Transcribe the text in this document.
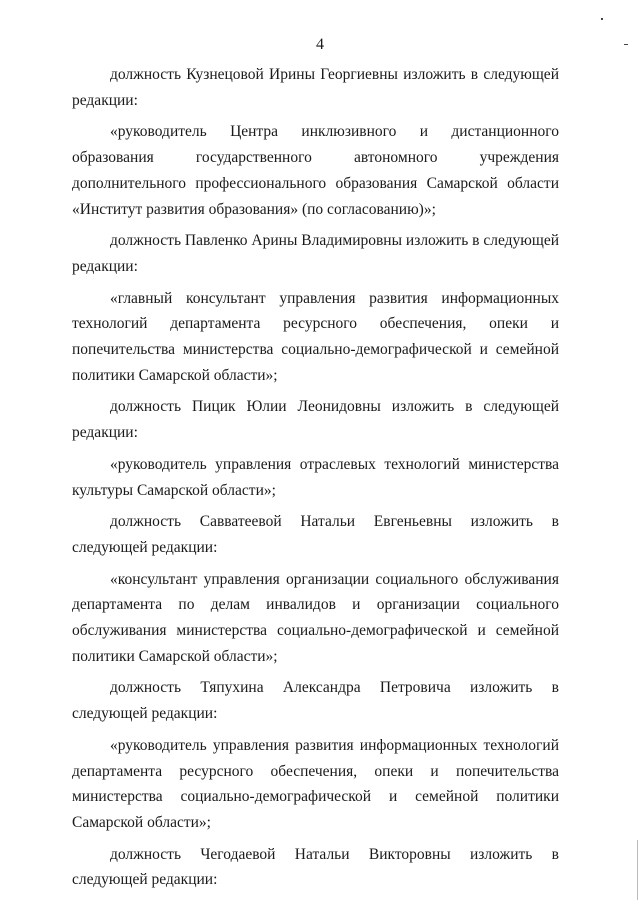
4

должность Кузнецовой Ирины Георгиевны изложить в следующей редакции:

«руководитель Центра инклюзивного и дистанционного образования государственного автономного учреждения дополнительного профессионального образования Самарской области «Институт развития образования» (по согласованию)»;

должность Павленко Арины Владимировны изложить в следующей редакции:

«главный консультант управления развития информационных технологий департамента ресурсного обеспечения, опеки и попечительства министерства социально-демографической и семейной политики Самарской области»;

должность Пицик Юлии Леонидовны изложить в следующей редакции:

«руководитель управления отраслевых технологий министерства культуры Самарской области»;

должность Савватеевой Натальи Евгеньевны изложить в следующей редакции:

«консультант управления организации социального обслуживания департамента по делам инвалидов и организации социального обслуживания министерства социально-демографической и семейной политики Самарской области»;

должность Тяпухина Александра Петровича изложить в следующей редакции:

«руководитель управления развития информационных технологий департамента ресурсного обеспечения, опеки и попечительства министерства социально-демографической и семейной политики Самарской области»;

должность Чегодаевой Натальи Викторовны изложить в следующей редакции:
